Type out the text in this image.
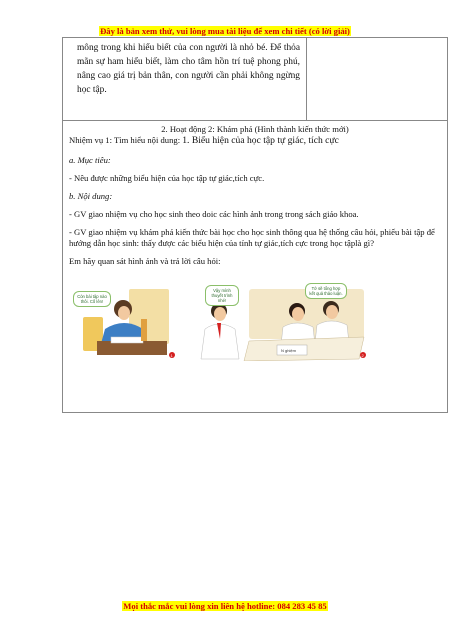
Đây là bản xem thử, vui lòng mua tài liệu để xem chi tiết (có lời giải)
mông trong khi hiểu biết của con người là nhỏ bé. Để thỏa mãn sự ham hiểu biết, làm cho tâm hồn trí tuệ phong phú, nâng cao giá trị bản thân, con người cần phải không ngừng học tập.

2. Hoạt động 2: Khám phá (Hình thành kiến thức mới)

Nhiệm vụ 1: Tìm hiểu nội dung: 1. Biểu hiện của học tập tự giác, tích cực

a. Mục tiêu:

- Nêu được những biểu hiện của học tập tự giác,tích cực.

b. Nội dung:

- GV giao nhiệm vụ cho học sinh theo doic các hình ảnh trong trong sách giáo khoa.

- GV giao nhiệm vụ khám phá kiến thức bài học cho học sinh thông qua hệ thống câu hỏi, phiếu bài tập để hướng dẫn học sinh: thấy được các biểu hiện của tính tự giác,tích cực trong học tậplà gì?

Em hãy quan sát hình ảnh và trả lời câu hỏi:

1
N ghiệm
2
Còn bài tập nào thôi. Cố lên!
Vậy mình thuyết trình nhé!
Tớ sẽ tổng hợp kết quả thảo luận.
Mọi thắc mắc vui lòng xin liên hệ hotline: 084 283 45 85
